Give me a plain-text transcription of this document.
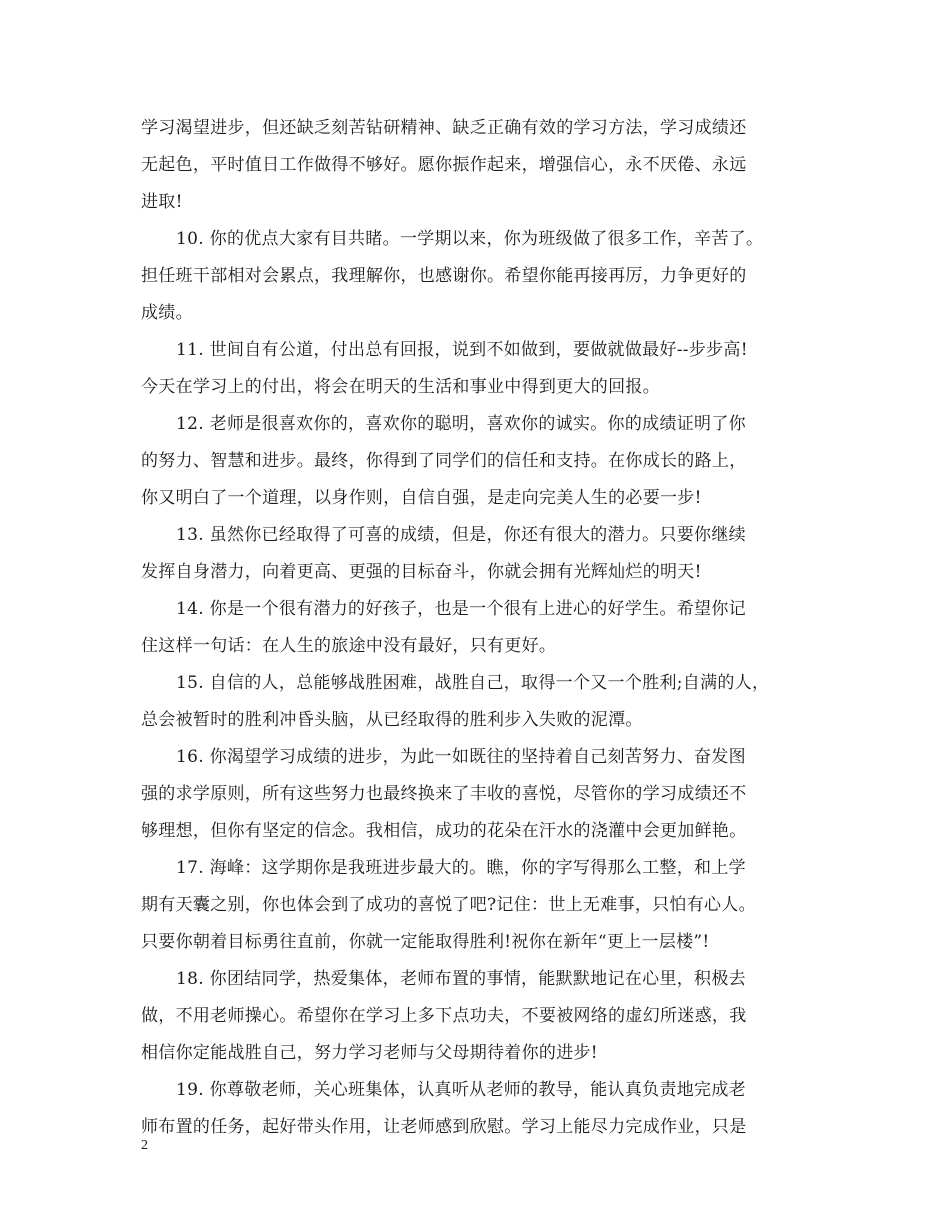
学习渴望进步，但还缺乏刻苦钻研精神、缺乏正确有效的学习方法，学习成绩还
无起色，平时值日工作做得不够好。愿你振作起来，增强信心，永不厌倦、永远
进取!
10. 你的优点大家有目共睹。一学期以来，你为班级做了很多工作，辛苦了。
担任班干部相对会累点，我理解你，也感谢你。希望你能再接再厉，力争更好的
成绩。
11. 世间自有公道，付出总有回报，说到不如做到，要做就做最好--步步高!
今天在学习上的付出，将会在明天的生活和事业中得到更大的回报。
12. 老师是很喜欢你的，喜欢你的聪明，喜欢你的诚实。你的成绩证明了你
的努力、智慧和进步。最终，你得到了同学们的信任和支持。在你成长的路上，
你又明白了一个道理，以身作则，自信自强，是走向完美人生的必要一步!
13. 虽然你已经取得了可喜的成绩，但是，你还有很大的潜力。只要你继续
发挥自身潜力，向着更高、更强的目标奋斗，你就会拥有光辉灿烂的明天!
14. 你是一个很有潜力的好孩子，也是一个很有上进心的好学生。希望你记
住这样一句话：在人生的旅途中没有最好，只有更好。
15. 自信的人，总能够战胜困难，战胜自己，取得一个又一个胜利;自满的人，
总会被暂时的胜利冲昏头脑，从已经取得的胜利步入失败的泥潭。
16. 你渴望学习成绩的进步，为此一如既往的坚持着自己刻苦努力、奋发图
强的求学原则，所有这些努力也最终换来了丰收的喜悦，尽管你的学习成绩还不
够理想，但你有坚定的信念。我相信，成功的花朵在汗水的浇灌中会更加鲜艳。
17. 海峰：这学期你是我班进步最大的。瞧，你的字写得那么工整，和上学
期有天囊之别，你也体会到了成功的喜悦了吧?记住：世上无难事，只怕有心人。
只要你朝着目标勇往直前，你就一定能取得胜利!祝你在新年“更上一层楼”!
18. 你团结同学，热爱集体，老师布置的事情，能默默地记在心里，积极去
做，不用老师操心。希望你在学习上多下点功夫，不要被网络的虚幻所迷惑，我
相信你定能战胜自己，努力学习老师与父母期待着你的进步!
19. 你尊敬老师，关心班集体，认真听从老师的教导，能认真负责地完成老
师布置的任务，起好带头作用，让老师感到欣慰。学习上能尽力完成作业，只是
2
